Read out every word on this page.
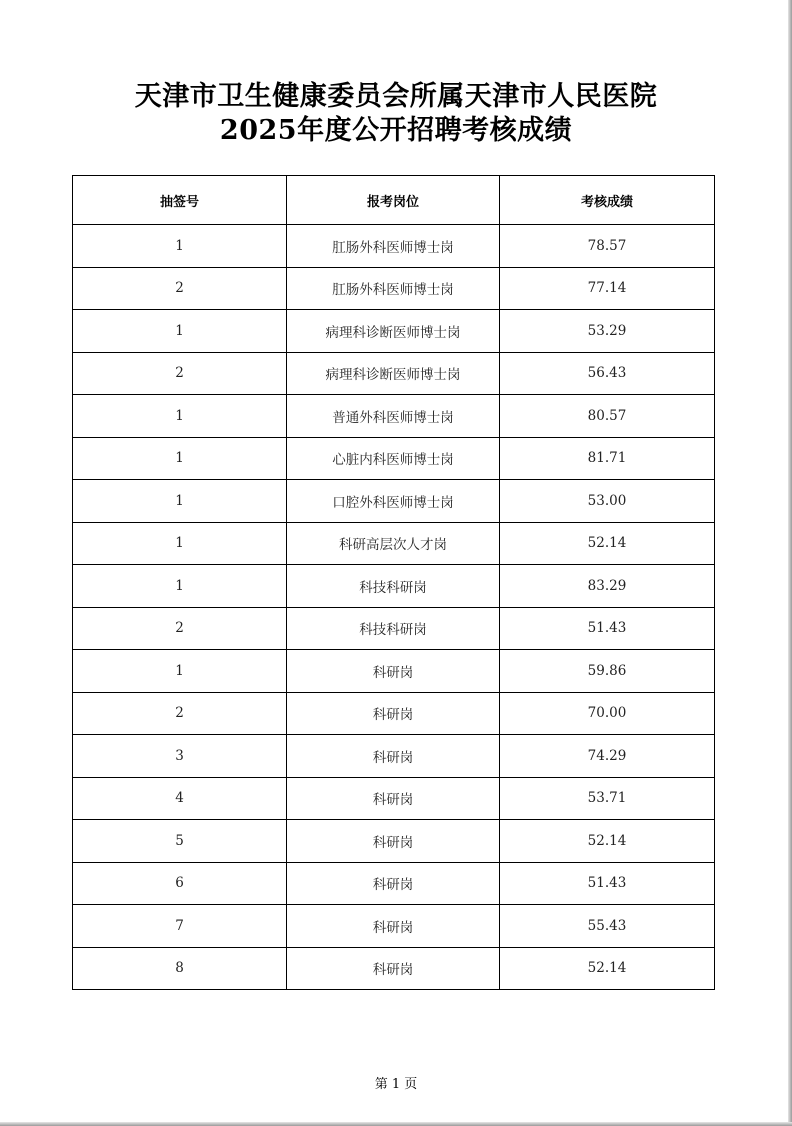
天津市卫生健康委员会所属天津市人民医院
2025年度公开招聘考核成绩
抽签号	报考岗位	考核成绩
1	肛肠外科医师博士岗	78.57
2	肛肠外科医师博士岗	77.14
1	病理科诊断医师博士岗	53.29
2	病理科诊断医师博士岗	56.43
1	普通外科医师博士岗	80.57
1	心脏内科医师博士岗	81.71
1	口腔外科医师博士岗	53.00
1	科研高层次人才岗	52.14
1	科技科研岗	83.29
2	科技科研岗	51.43
1	科研岗	59.86
2	科研岗	70.00
3	科研岗	74.29
4	科研岗	53.71
5	科研岗	52.14
6	科研岗	51.43
7	科研岗	55.43
8	科研岗	52.14
第 1 页
